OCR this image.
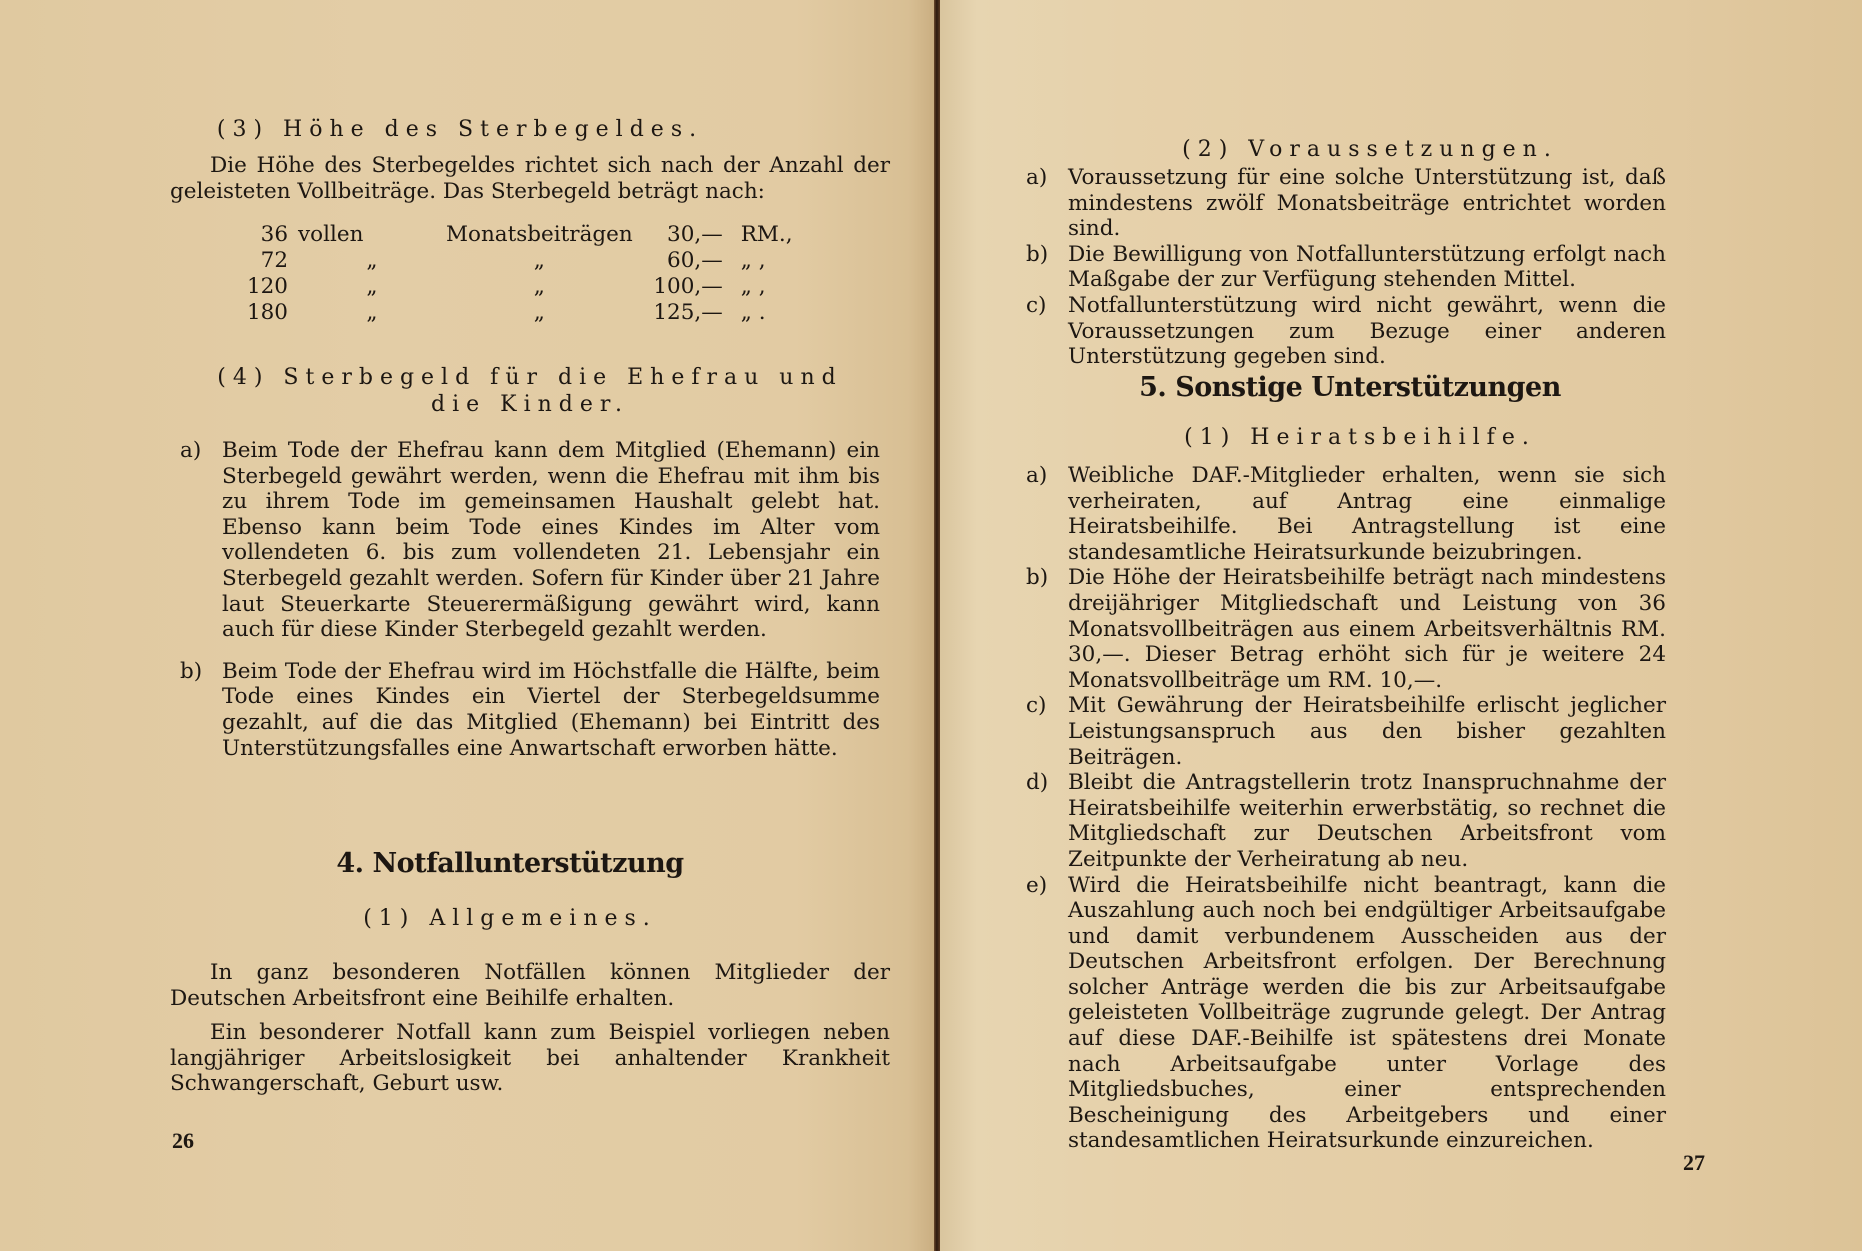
(3) Höhe des Sterbegeldes.
Die Höhe des Sterbegeldes richtet sich nach der Anzahl der geleisteten Vollbeiträge. Das Sterbegeld beträgt nach:
36	vollen	Monatsbeiträgen	30,—	RM.,
72	„	„	60,—	„ ,
120	„	„	100,—	„ ,
180	„	„	125,—	„ .
(4) Sterbegeld für die Ehefrau und die Kinder.
a) Beim Tode der Ehefrau kann dem Mitglied (Ehemann) ein Sterbegeld gewährt werden, wenn die Ehefrau mit ihm bis zu ihrem Tode im gemeinsamen Haushalt gelebt hat. Ebenso kann beim Tode eines Kindes im Alter vom vollendeten 6. bis zum vollendeten 21. Lebensjahr ein Sterbegeld gezahlt werden. Sofern für Kinder über 21 Jahre laut Steuerkarte Steuerermäßigung gewährt wird, kann auch für diese Kinder Sterbegeld gezahlt werden.
b) Beim Tode der Ehefrau wird im Höchstfalle die Hälfte, beim Tode eines Kindes ein Viertel der Sterbegeldsumme gezahlt, auf die das Mitglied (Ehemann) bei Eintritt des Unterstützungsfalles eine Anwartschaft erworben hätte.
4. Notfallunterstützung
(1) Allgemeines.
In ganz besonderen Notfällen können Mitglieder der Deutschen Arbeitsfront eine Beihilfe erhalten.
Ein besonderer Notfall kann zum Beispiel vorliegen neben langjähriger Arbeitslosigkeit bei anhaltender Krankheit Schwangerschaft, Geburt usw.
26
(2) Voraussetzungen.
a) Voraussetzung für eine solche Unterstützung ist, daß mindestens zwölf Monatsbeiträge entrichtet worden sind.
b) Die Bewilligung von Notfallunterstützung erfolgt nach Maßgabe der zur Verfügung stehenden Mittel.
c) Notfallunterstützung wird nicht gewährt, wenn die Voraussetzungen zum Bezuge einer anderen Unterstützung gegeben sind.
5. Sonstige Unterstützungen
(1) Heiratsbeihilfe.
a) Weibliche DAF.-Mitglieder erhalten, wenn sie sich verheiraten, auf Antrag eine einmalige Heiratsbeihilfe. Bei Antragstellung ist eine standesamtliche Heiratsurkunde beizubringen.
b) Die Höhe der Heiratsbeihilfe beträgt nach mindestens dreijähriger Mitgliedschaft und Leistung von 36 Monatsvollbeiträgen aus einem Arbeitsverhältnis RM. 30,—. Dieser Betrag erhöht sich für je weitere 24 Monatsvollbeiträge um RM. 10,—.
c) Mit Gewährung der Heiratsbeihilfe erlischt jeglicher Leistungsanspruch aus den bisher gezahlten Beiträgen.
d) Bleibt die Antragstellerin trotz Inanspruchnahme der Heiratsbeihilfe weiterhin erwerbstätig, so rechnet die Mitgliedschaft zur Deutschen Arbeitsfront vom Zeitpunkte der Verheiratung ab neu.
e) Wird die Heiratsbeihilfe nicht beantragt, kann die Auszahlung auch noch bei endgültiger Arbeitsaufgabe und damit verbundenem Ausscheiden aus der Deutschen Arbeitsfront erfolgen. Der Berechnung solcher Anträge werden die bis zur Arbeitsaufgabe geleisteten Vollbeiträge zugrunde gelegt. Der Antrag auf diese DAF.-Beihilfe ist spätestens drei Monate nach Arbeitsaufgabe unter Vorlage des Mitgliedsbuches, einer entsprechenden Bescheinigung des Arbeitgebers und einer standesamtlichen Heiratsurkunde einzureichen.
27
